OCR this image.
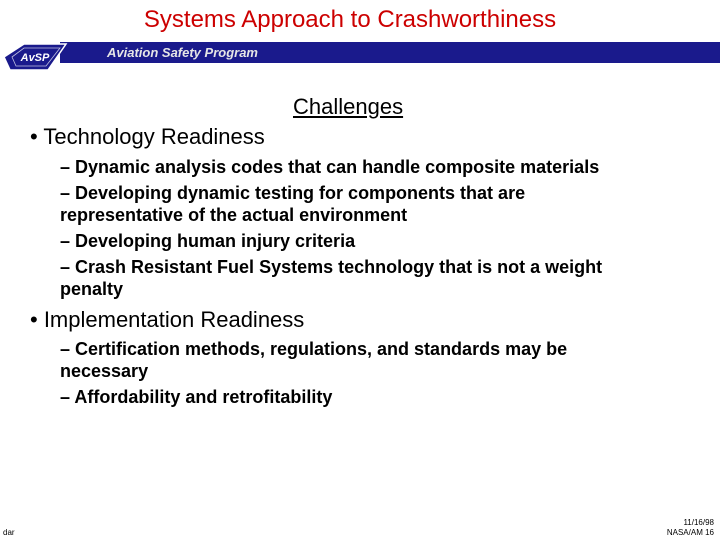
Systems Approach to Crashworthiness
Aviation Safety Program
AvSP
Challenges
• Technology Readiness
– Dynamic analysis codes that can handle composite materials
– Developing dynamic testing for components that are representative of the actual environment
– Developing human injury criteria
– Crash Resistant Fuel Systems technology that is not a weight penalty
• Implementation Readiness
– Certification methods, regulations, and standards may be necessary
– Affordability and retrofitability
dar
11/16/98
NASA/AM 16
